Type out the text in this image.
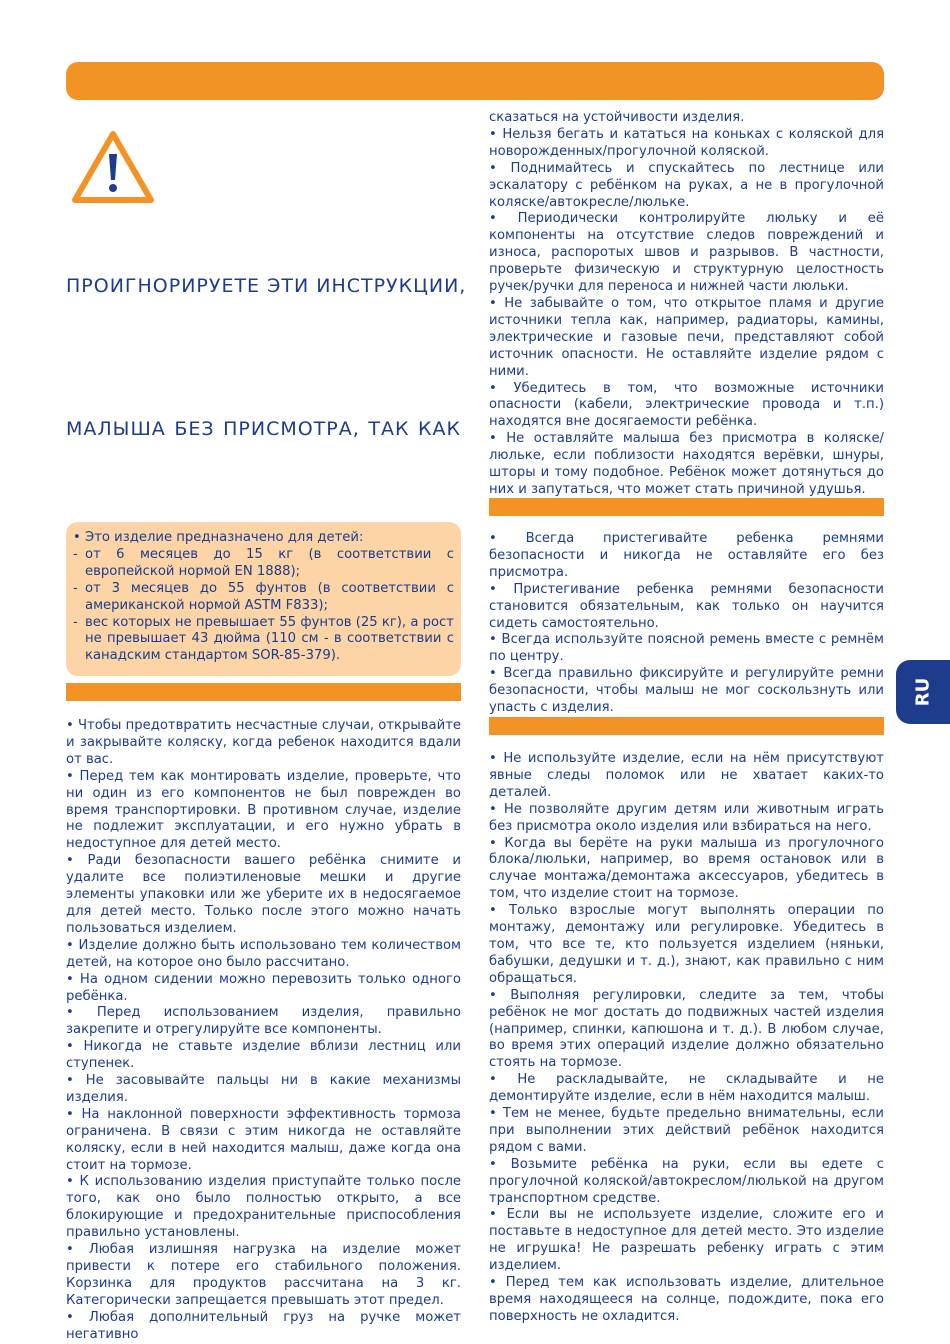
ПРОИГНОРИРУЕТЕ ЭТИ ИНСТРУКЦИИ,
МАЛЫША БЕЗ ПРИСМОТРА, ТАК КАК
• Это изделие предназначено для детей:
- от 6 месяцев до 15 кг (в соответствии с европейской нормой EN 1888);
- от 3 месяцев до 55 фунтов (в соответствии с американской нормой ASTM F833);
- вес которых не превышает 55 фунтов (25 кг), а рост не превышает 43 дюйма (110 см - в соответствии с канадским стандартом SOR-85-379).

• Чтобы предотвратить несчастные случаи, открывайте и закрывайте коляску, когда ребенок находится вдали от вас.

• Перед тем как монтировать изделие, проверьте, что ни один из его компонентов не был поврежден во время транспортировки. В противном случае, изделие не подлежит эксплуатации, и его нужно убрать в недоступное для детей место.

• Ради безопасности вашего ребёнка снимите и удалите все полиэтиленовые мешки и другие элементы упаковки или же уберите их в недосягаемое для детей место. Только после этого можно начать пользоваться изделием.

• Изделие должно быть использовано тем количеством детей, на которое оно было рассчитано.

• На одном сидении можно перевозить только одного ребёнка.

• Перед использованием изделия, правильно закрепите и отрегулируйте все компоненты.

• Никогда не ставьте изделие вблизи лестниц или ступенек.

• Не засовывайте пальцы ни в какие механизмы изделия.

• На наклонной поверхности эффективность тормоза ограничена. В связи с этим никогда не оставляйте коляску, если в ней находится малыш, даже когда она стоит на тормозе.

• К использованию изделия приступайте только после того, как оно было полностью открыто, а все блокирующие и предохранительные приспособления правильно установлены.

• Любая излишняя нагрузка на изделие может привести к потере его стабильного положения. Корзинка для продуктов рассчитана на 3 кг. Категорически запрещается превышать этот предел.

• Любая дополнительный груз на ручке может негативно

сказаться на устойчивости изделия.

• Нельзя бегать и кататься на коньках с коляской для новорожденных/прогулочной коляской.

• Поднимайтесь и спускайтесь по лестнице или эскалатору с ребёнком на руках, а не в прогулочной коляске/автокресле/люльке.

• Периодически контролируйте люльку и её компоненты на отсутствие следов повреждений и износа, распоротых швов и разрывов. В частности, проверьте физическую и структурную целостность ручек/ручки для переноса и нижней части люльки.

• Не забывайте о том, что открытое пламя и другие источники тепла как, например, радиаторы, камины, электрические и газовые печи, представляют собой источник опасности. Не оставляйте изделие рядом с ними.

• Убедитесь в том, что возможные источники опасности (кабели, электрические провода и т.п.) находятся вне досягаемости ребёнка.

• Не оставляйте малыша без присмотра в коляске/люльке, если поблизости находятся верёвки, шнуры, шторы и тому подобное. Ребёнок может дотянуться до них и запутаться, что может стать причиной удушья.

• Всегда пристегивайте ребенка ремнями безопасности и никогда не оставляйте его без присмотра.

• Пристегивание ребенка ремнями безопасности становится обязательным, как только он научится сидеть самостоятельно.

• Всегда используйте поясной ремень вместе с ремнём по центру.

• Всегда правильно фиксируйте и регулируйте ремни безопасности, чтобы малыш не мог соскользнуть или упасть с изделия.

• Не используйте изделие, если на нём присутствуют явные следы поломок или не хватает каких-то деталей.

• Не позволяйте другим детям или животным играть без присмотра около изделия или взбираться на него.

• Когда вы берёте на руки малыша из прогулочного блока/люльки, например, во время остановок или в случае монтажа/демонтажа аксессуаров, убедитесь в том, что изделие стоит на тормозе.

• Только взрослые могут выполнять операции по монтажу, демонтажу или регулировке. Убедитесь в том, что все те, кто пользуется изделием (няньки, бабушки, дедушки и т. д.), знают, как правильно с ним обращаться.

• Выполняя регулировки, следите за тем, чтобы ребёнок не мог достать до подвижных частей изделия (например, спинки, капюшона и т. д.). В любом случае, во время этих операций изделие должно обязательно стоять на тормозе.

• Не раскладывайте, не складывайте и не демонтируйте изделие, если в нём находится малыш.

• Тем не менее, будьте предельно внимательны, если при выполнении этих действий ребёнок находится рядом с вами.

• Возьмите ребёнка на руки, если вы едете с прогулочной коляской/автокреслом/люлькой на другом транспортном средстве.

• Если вы не используете изделие, сложите его и поставьте в недоступное для детей место. Это изделие не игрушка! Не разрешать ребенку играть с этим изделием.

• Перед тем как использовать изделие, длительное время находящееся на солнце, подождите, пока его поверхность не охладится.

RU
